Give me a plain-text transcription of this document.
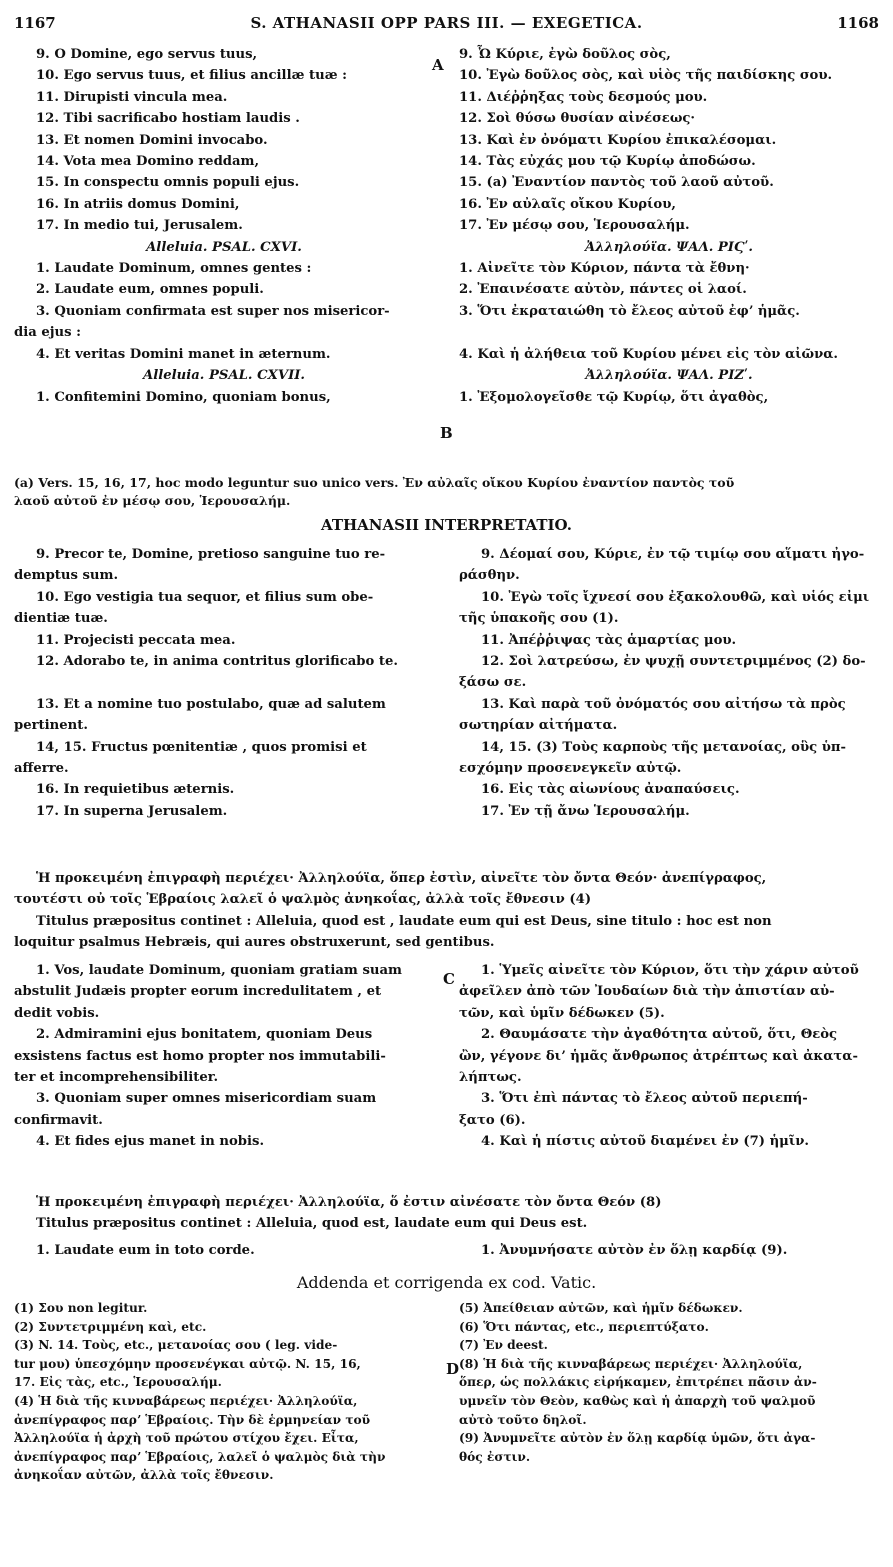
1167	S. ATHANASII OPP PARS III. — EXEGETICA.	1168
A
B
C
D
9. O Domine, ego servus tuus,
10. Ego servus tuus, et filius ancillæ tuæ :
11. Dirupisti vincula mea.
12. Tibi sacrificabo hostiam laudis .
13. Et nomen Domini invocabo.
14. Vota mea Domino reddam,
15. In conspectu omnis populi ejus.
16. In atriis domus Domini,
17. In medio tui, Jerusalem.
Alleluia. PSAL. CXVI.
1. Laudate Dominum, omnes gentes :
2. Laudate eum, omnes populi.
3. Quoniam confirmata est super nos misericor-
dia ejus :
4. Et veritas Domini manet in æternum.
Alleluia. PSAL. CXVII.
1. Confitemini Domino, quoniam bonus,
9. Ὦ Κύριε, ἐγὼ δοῦλος σὸς,
10. Ἐγὼ δοῦλος σὸς, καὶ υἱὸς τῆς παιδίσκης σου.
11. Διέῤῥηξας τοὺς δεσμούς μου.
12. Σοὶ θύσω θυσίαν αἰνέσεως·
13. Καὶ ἐν ὀνόματι Κυρίου ἐπικαλέσομαι.
14. Τὰς εὐχάς μου τῷ Κυρίῳ ἀποδώσω.
15. (a) Ἐναντίον παντὸς τοῦ λαοῦ αὐτοῦ.
16. Ἐν αὐλαῖς οἴκου Κυρίου,
17. Ἐν μέσῳ σου, Ἱερουσαλήμ.
Ἀλληλούϊα. ΨΑΛ. ΡΙϚʹ.
1. Αἰνεῖτε τὸν Κύριον, πάντα τὰ ἔθνη·
2. Ἐπαινέσατε αὐτὸν, πάντες οἱ λαοί.
3. Ὅτι ἐκραταιώθη τὸ ἔλεος αὐτοῦ ἐφʼ ἡμᾶς.

4. Καὶ ἡ ἀλήθεια τοῦ Κυρίου μένει εἰς τὸν αἰῶνα.
Ἀλληλούϊα. ΨΑΛ. ΡΙΖʹ.
1. Ἐξομολογεῖσθε τῷ Κυρίῳ, ὅτι ἀγαθὸς,
(a) Vers. 15, 16, 17, hoc modo leguntur suo unico vers. Ἐν αὐλαῖς οἴκου Κυρίου ἐναντίον παντὸς τοῦ
λαοῦ αὐτοῦ ἐν μέσῳ σου, Ἱερουσαλήμ.
ATHANASII INTERPRETATIO.
9. Precor te, Domine, pretioso sanguine tuo re-
demptus sum.
10. Ego vestigia tua sequor, et filius sum obe-
dientiæ tuæ.
11. Projecisti peccata mea.
12. Adorabo te, in anima contritus glorificabo te.

13. Et a nomine tuo postulabo, quæ ad salutem
pertinent.
14, 15. Fructus pœnitentiæ , quos promisi et
afferre.
16. In requietibus æternis.
17. In superna Jerusalem.
9. Δέομαί σου, Κύριε, ἐν τῷ τιμίῳ σου αἵματι ἠγο-
ράσθην.
10. Ἐγὼ τοῖς ἴχνεσί σου ἐξακολουθῶ, καὶ υἱός εἰμι
τῆς ὑπακοῆς σου (1).
11. Ἀπέῤῥιψας τὰς ἁμαρτίας μου.
12. Σοὶ λατρεύσω, ἐν ψυχῇ συντετριμμένος (2) δο-
ξάσω σε.
13. Καὶ παρὰ τοῦ ὀνόματός σου αἰτήσω τὰ πρὸς
σωτηρίαν αἰτήματα.
14, 15. (3) Τοὺς καρποὺς τῆς μετανοίας, οὓς ὑπ-
εσχόμην προσενεγκεῖν αὐτῷ.
16. Εἰς τὰς αἰωνίους ἀναπαύσεις.
17. Ἐν τῇ ἄνω Ἱερουσαλήμ.
Ἡ προκειμένη ἐπιγραφὴ περιέχει· Ἀλληλούϊα, ὅπερ ἐστὶν, αἰνεῖτε τὸν ὄντα Θεόν· ἀνεπίγραφος,
τουτέστι οὐ τοῖς Ἑβραίοις λαλεῖ ὁ ψαλμὸς ἀνηκοΐας, ἀλλὰ τοῖς ἔθνεσιν (4)
Titulus præpositus continet : Alleluia, quod est , laudate eum qui est Deus, sine titulo : hoc est non
loquitur psalmus Hebræis, qui aures obstruxerunt, sed gentibus.
1. Vos, laudate Dominum, quoniam gratiam suam
abstulit Judæis propter eorum incredulitatem , et
dedit vobis.
2. Admiramini ejus bonitatem, quoniam Deus
exsistens factus est homo propter nos immutabili-
ter et incomprehensibiliter.
3. Quoniam super omnes misericordiam suam
confirmavit.
4. Et fides ejus manet in nobis.
1. Ὑμεῖς αἰνεῖτε τὸν Κύριον, ὅτι τὴν χάριν αὐτοῦ
ἀφεῖλεν ἀπὸ τῶν Ἰουδαίων διὰ τὴν ἀπιστίαν αὐ-
τῶν, καὶ ὑμῖν δέδωκεν (5).
2. Θαυμάσατε τὴν ἀγαθότητα αὐτοῦ, ὅτι, Θεὸς
ὢν, γέγονε διʼ ἡμᾶς ἄνθρωπος ἀτρέπτως καὶ ἀκατα-
λήπτως.
3. Ὅτι ἐπὶ πάντας τὸ ἔλεος αὐτοῦ περιεπή-
ξατο (6).
4. Καὶ ἡ πίστις αὐτοῦ διαμένει ἐν (7) ἡμῖν.
Ἡ προκειμένη ἐπιγραφὴ περιέχει· Ἀλληλούϊα, ὅ ἐστιν αἰνέσατε τὸν ὄντα Θεόν (8)
Titulus præpositus continet : Alleluia, quod est, laudate eum qui Deus est.
1. Laudate eum in toto corde.	1. Ἀνυμνήσατε αὐτὸν ἐν ὅλῃ καρδίᾳ (9).
Addenda et corrigenda ex cod. Vatic.
(1) Σου non legitur.
(2) Συντετριμμένη καὶ, etc.
(3) N. 14. Τοὺς, etc., μετανοίας σου ( leg. vide-
tur μου) ὑπεσχόμην προσενέγκαι αὐτῷ. N. 15, 16,
17. Εἰς τὰς, etc., Ἱερουσαλήμ.
(4) Ἡ διὰ τῆς κινναβάρεως περιέχει· Ἀλληλούϊα,
ἀνεπίγραφος παρʼ Ἑβραίοις. Τὴν δὲ ἑρμηνείαν τοῦ
Ἀλληλούϊα ἡ ἀρχὴ τοῦ πρώτου στίχου ἔχει. Εἶτα,
ἀνεπίγραφος παρʼ Ἑβραίοις, λαλεῖ ὁ ψαλμὸς διὰ τὴν
ἀνηκοΐαν αὐτῶν, ἀλλὰ τοῖς ἔθνεσιν.
(5) Ἀπείθειαν αὐτῶν, καὶ ἡμῖν δέδωκεν.
(6) Ὅτι πάντας, etc., περιεπτύξατο.
(7) Ἐν deest.
(8) Ἡ διὰ τῆς κινναβάρεως περιέχει· Ἀλληλούϊα,
ὅπερ, ὡς πολλάκις εἰρήκαμεν, ἐπιτρέπει πᾶσιν ἀν-
υμνεῖν τὸν Θεὸν, καθὼς καὶ ἡ ἀπαρχὴ τοῦ ψαλμοῦ
αὐτὸ τοῦτο δηλοῖ.
(9) Ἀνυμνεῖτε αὐτὸν ἐν ὅλῃ καρδίᾳ ὑμῶν, ὅτι ἀγα-
θός ἐστιν.
